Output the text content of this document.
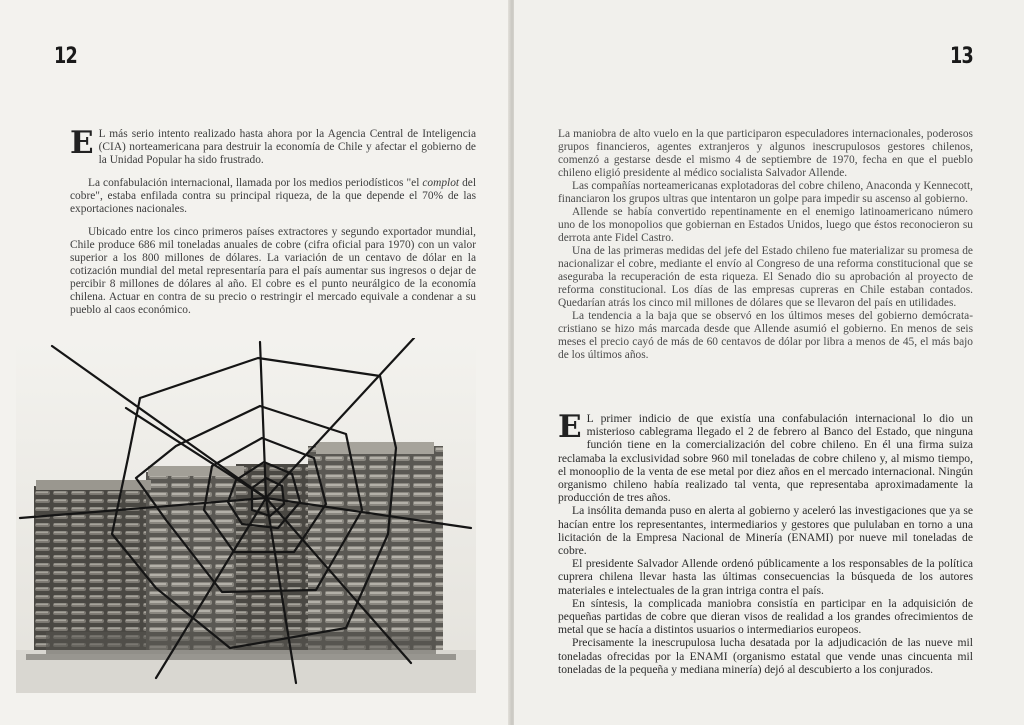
12

E L más serio intento realizado hasta ahora por la Agencia Central de Inteligencia (CIA) norteamericana para destruir la economía de Chile y afectar el gobierno de la Unidad Popular ha sido frustrado.

La confabulación internacional, llamada por los medios periodísticos "el complot del cobre", estaba enfilada contra su principal riqueza, de la que depende el 70% de las exportaciones nacionales.

Ubicado entre los cinco primeros países extractores y segundo exportador mundial, Chile produce 686 mil toneladas anuales de cobre (cifra oficial para 1970) con un valor superior a los 800 millones de dólares. La variación de un centavo de dólar en la cotización mundial del metal representaría para el país aumentar sus ingresos o dejar de percibir 8 millones de dólares al año. El cobre es el punto neurálgico de la economía chilena. Actuar en contra de su precio o restringir el mercado equivale a condenar a su pueblo al caos económico.

13

La maniobra de alto vuelo en la que participaron especuladores internacionales, poderosos grupos financieros, agentes extranjeros y algunos inescrupulosos gestores chilenos, comenzó a gestarse desde el mismo 4 de septiembre de 1970, fecha en que el pueblo chileno eligió presidente al médico socialista Salvador Allende.

Las compañías norteamericanas explotadoras del cobre chileno, Anaconda y Kennecott, financiaron los grupos ultras que intentaron un golpe para impedir su ascenso al gobierno.

Allende se había convertido repentinamente en el enemigo latinoamericano número uno de los monopolios que gobiernan en Estados Unidos, luego que éstos reconocieron su derrota ante Fidel Castro.

Una de las primeras medidas del jefe del Estado chileno fue materializar su promesa de nacionalizar el cobre, mediante el envío al Congreso de una reforma constitucional que se aseguraba la recuperación de esta riqueza. El Senado dio su aprobación al proyecto de reforma constitucional. Los días de las empresas cupreras en Chile estaban contados. Quedarían atrás los cinco mil millones de dólares que se llevaron del país en utilidades.

La tendencia a la baja que se observó en los últimos meses del gobierno demócrata-cristiano se hizo más marcada desde que Allende asumió el gobierno. En menos de seis meses el precio cayó de más de 60 centavos de dólar por libra a menos de 45, el más bajo de los últimos años.

E L primer indicio de que existía una confabulación internacional lo dio un misterioso cablegrama llegado el 2 de febrero al Banco del Estado, que ninguna función tiene en la comercialización del cobre chileno. En él una firma suiza reclamaba la exclusividad sobre 960 mil toneladas de cobre chileno y, al mismo tiempo, el monooplio de la venta de ese metal por diez años en el mercado internacional. Ningún organismo chileno había realizado tal venta, que representaba aproximadamente la producción de tres años.

La insólita demanda puso en alerta al gobierno y aceleró las investigaciones que ya se hacían entre los representantes, intermediarios y gestores que pululaban en torno a una licitación de la Empresa Nacional de Minería (ENAMI) por nueve mil toneladas de cobre.

El presidente Salvador Allende ordenó públicamente a los responsables de la política cuprera chilena llevar hasta las últimas consecuencias la búsqueda de los autores materiales e intelectuales de la gran intriga contra el país.

En síntesis, la complicada maniobra consistía en participar en la adquisición de pequeñas partidas de cobre que dieran visos de realidad a los grandes ofrecimientos de metal que se hacía a distintos usuarios o intermediarios europeos.

Precisamente la inescrupulosa lucha desatada por la adjudicación de las nueve mil toneladas ofrecidas por la ENAMI (organismo estatal que vende unas cincuenta mil toneladas de la pequeña y mediana minería) dejó al descubierto a los conjurados.
